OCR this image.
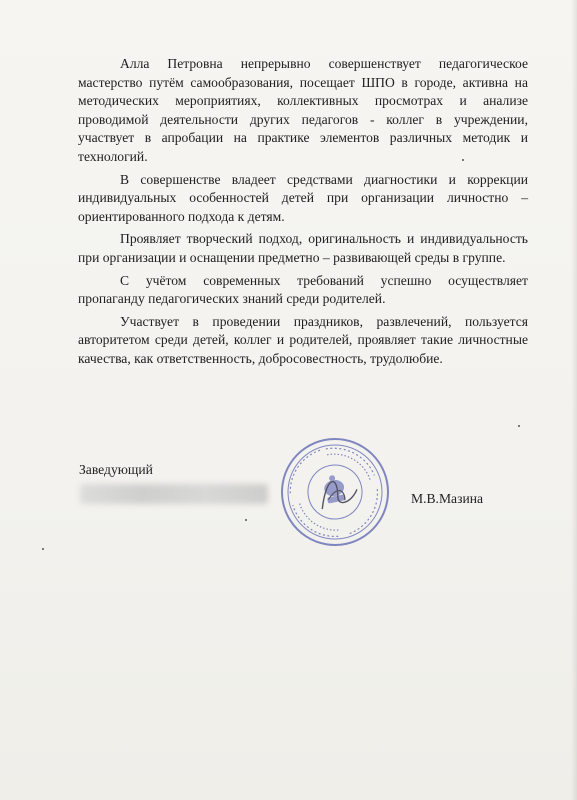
Алла Петровна непрерывно совершенствует педагогическое мастерство путём самообразования, посещает ШПО в городе, активна на методических мероприятиях, коллективных просмотрах и анализе проводимой деятельности других педагогов - коллег в учреждении, участвует в апробации на практике элементов различных методик и технологий.

В совершенстве владеет средствами диагностики и коррекции индивидуальных особенностей детей при организации личностно – ориентированного подхода к детям.

Проявляет творческий подход, оригинальность и индивидуальность при организации и оснащении предметно – развивающей среды в группе.

С учётом современных требований успешно осуществляет пропаганду педагогических знаний среди родителей.

Участвует в проведении праздников, развлечений, пользуется авторитетом среди детей, коллег и родителей, проявляет такие личностные качества, как ответственность, добросовестность, трудолюбие.

Заведующий
М.В.Мазина
